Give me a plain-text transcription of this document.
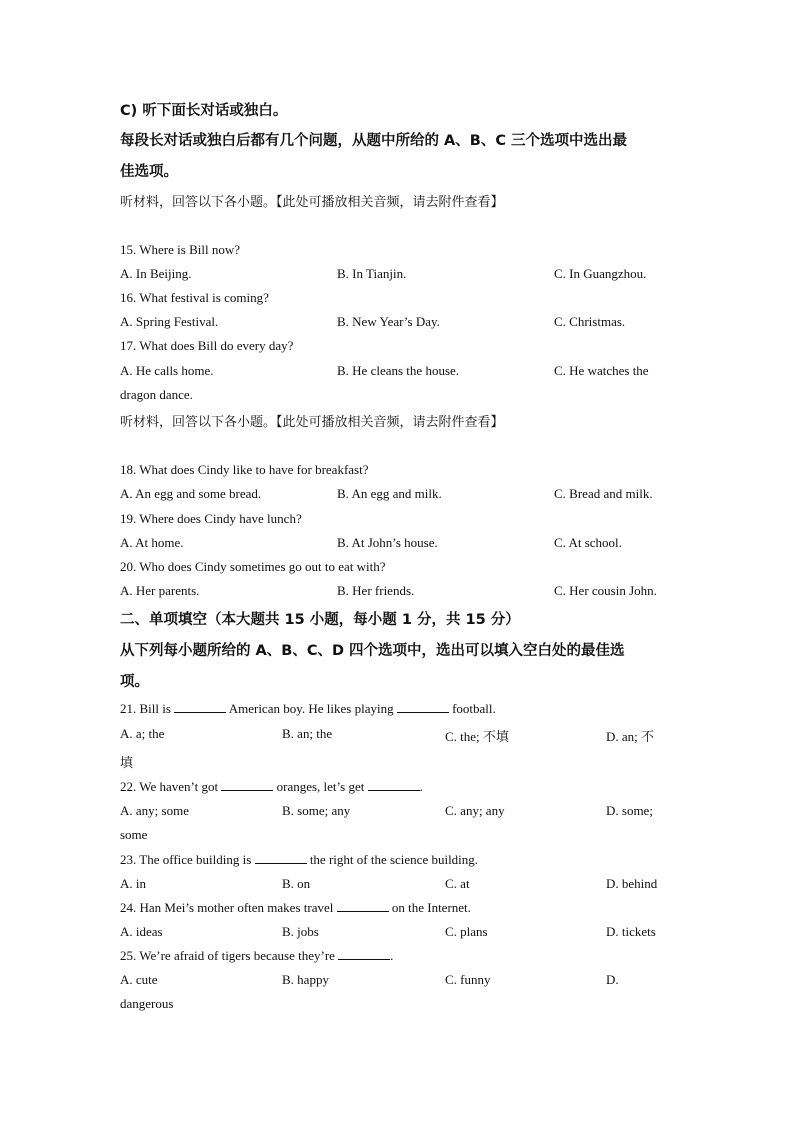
C) 听下面长对话或独白。
每段长对话或独白后都有几个问题，从题中所给的 A、B、C 三个选项中选出最
佳选项。
听材料，回答以下各小题。【此处可播放相关音频，请去附件查看】
15. Where is Bill now?
A. In Beijing.	B. In Tianjin.	C. In Guangzhou.
16. What festival is coming?
A. Spring Festival.	B. New Year’s Day.	C. Christmas.
17. What does Bill do every day?
A. He calls home.	B. He cleans the house.	C. He watches the
dragon dance.
听材料，回答以下各小题。【此处可播放相关音频，请去附件查看】
18. What does Cindy like to have for breakfast?
A. An egg and some bread.	B. An egg and milk.	C. Bread and milk.
19. Where does Cindy have lunch?
A. At home.	B. At John’s house.	C. At school.
20. Who does Cindy sometimes go out to eat with?
A. Her parents.	B. Her friends.	C. Her cousin John.
二、单项填空（本大题共 15 小题，每小题 1 分，共 15 分）
从下列每小题所给的 A、B、C、D 四个选项中，选出可以填入空白处的最佳选
项。
21. Bill is	American boy. He likes playing	football.
A. a; the	B. an; the	C. the; 不填	D. an; 不
填
22. We haven’t got	oranges, let’s get	.
A. any; some	B. some; any	C. any; any	D. some;
some
23. The office building is	the right of the science building.
A. in	B. on	C. at	D. behind
24. Han Mei’s mother often makes travel	on the Internet.
A. ideas	B. jobs	C. plans	D. tickets
25. We’re afraid of tigers because they’re	.
A. cute	B. happy	C. funny	D.
dangerous
